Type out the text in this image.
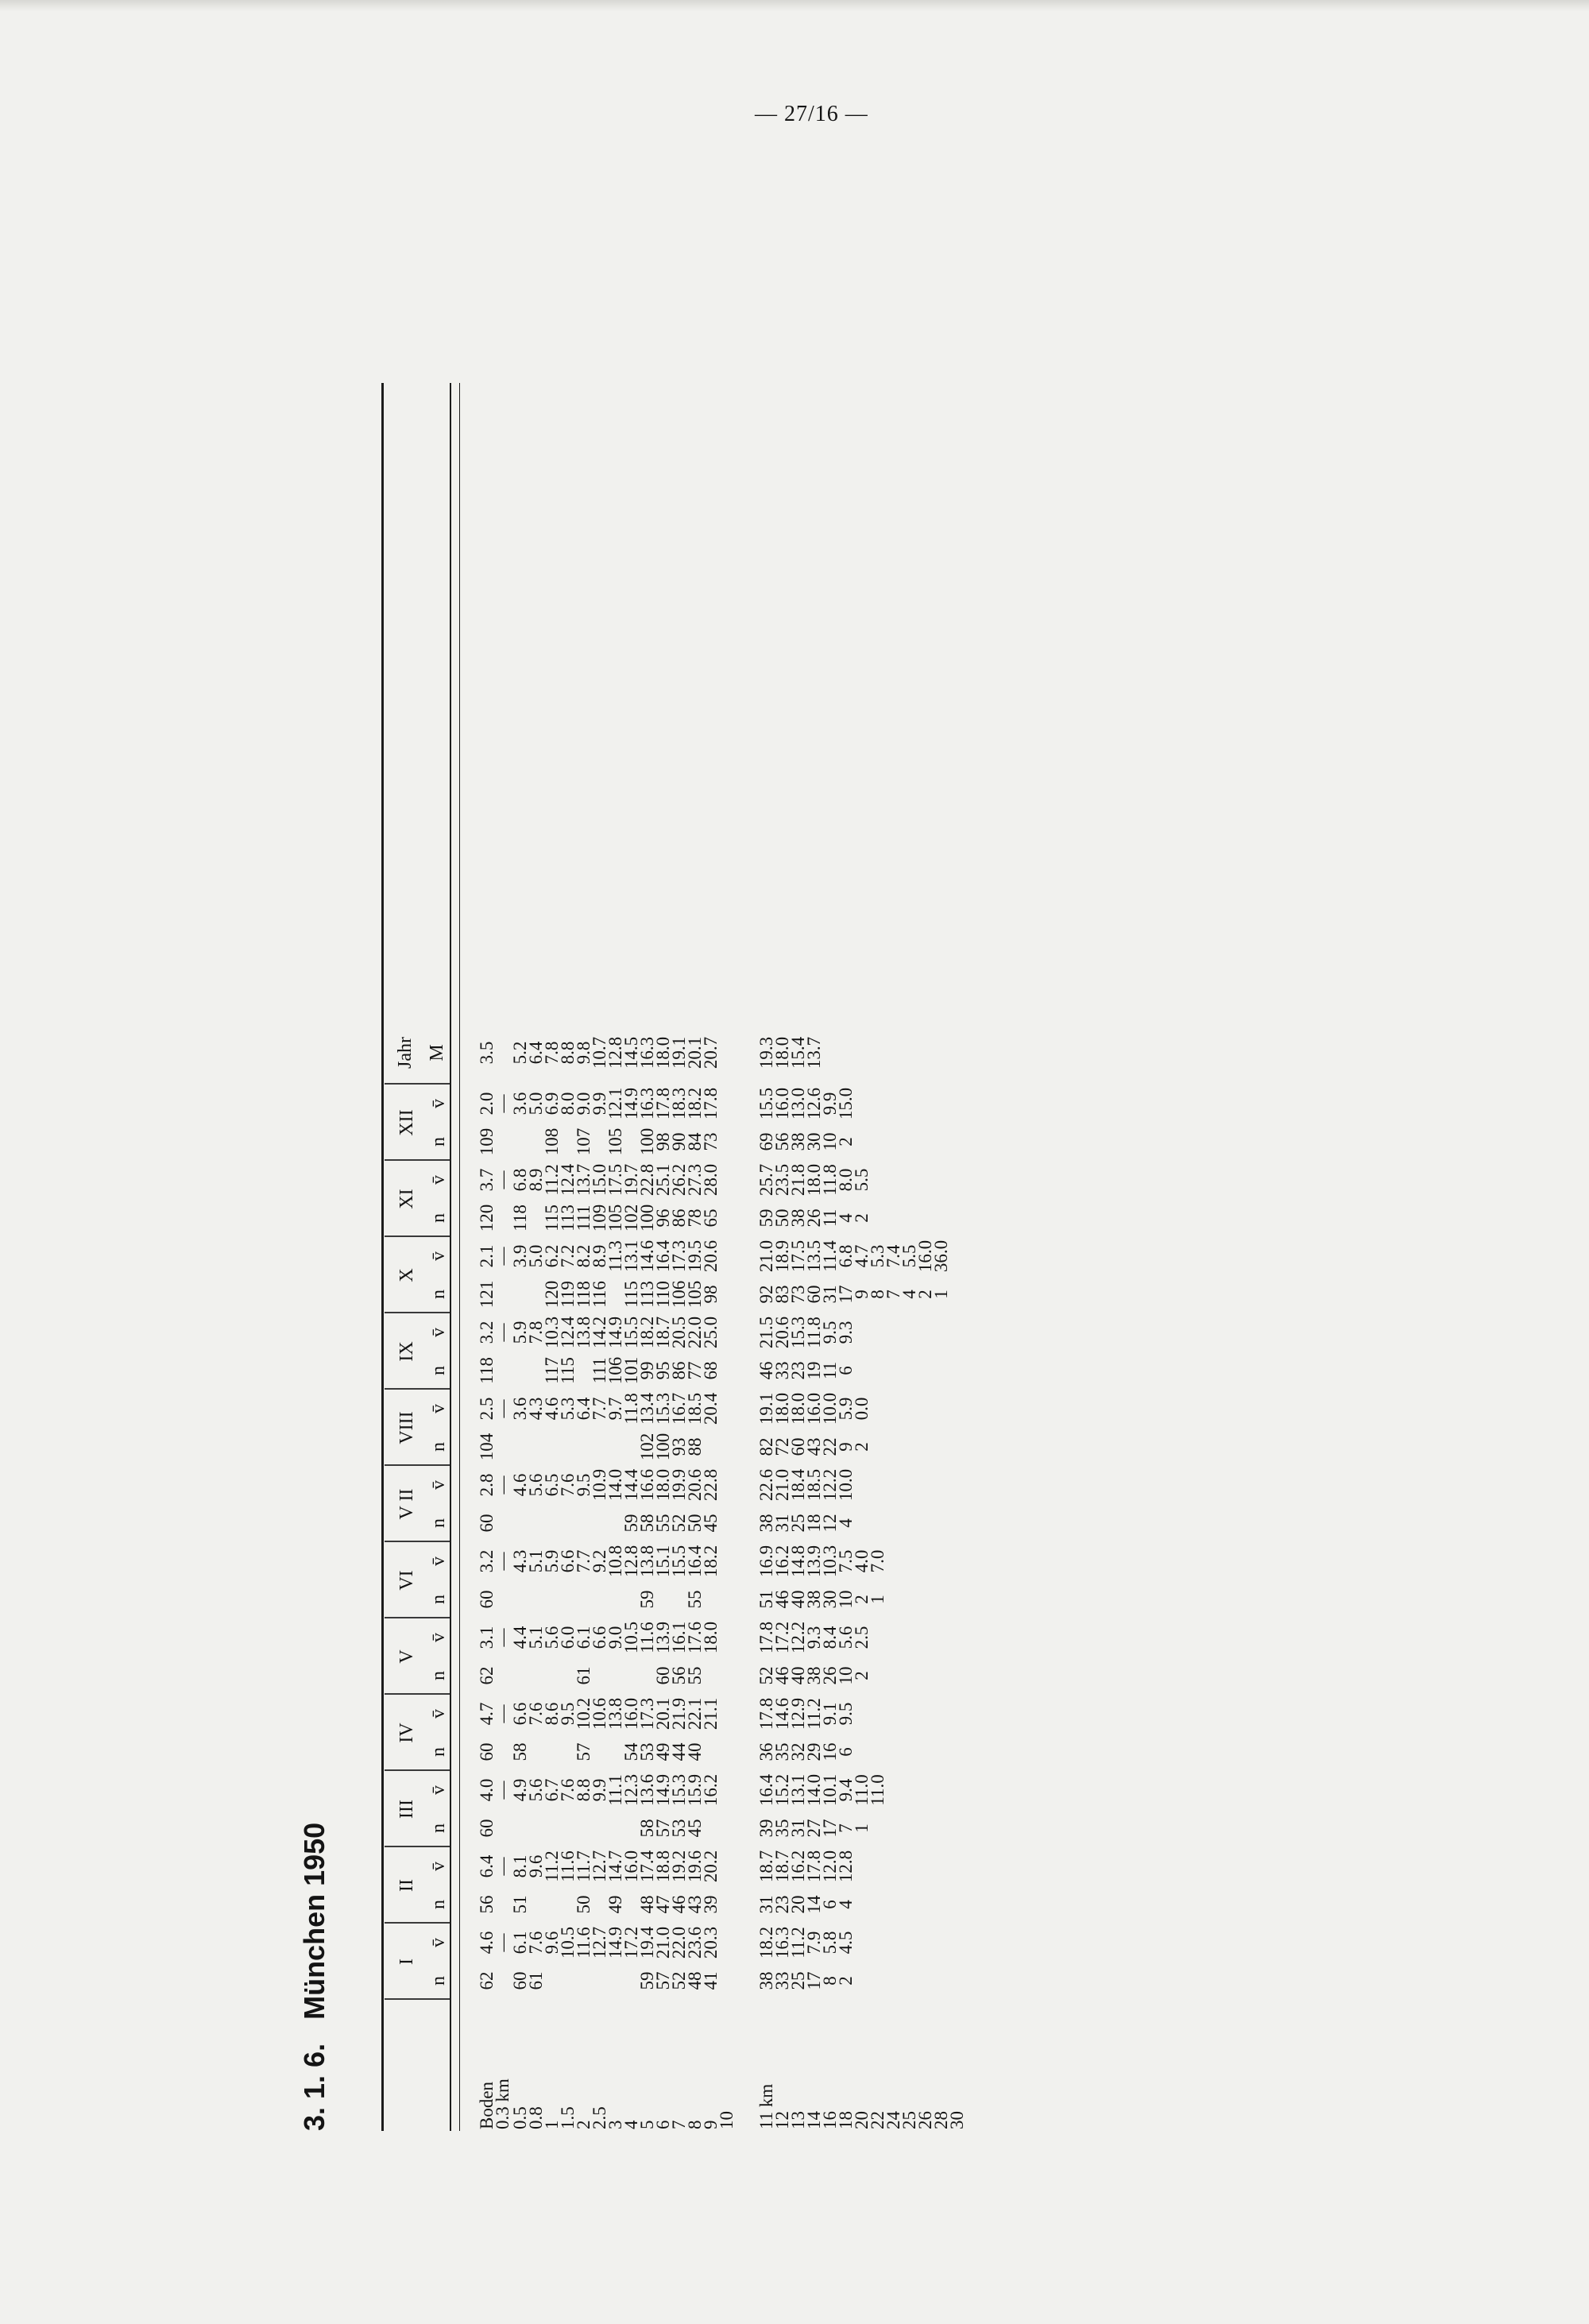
— 27/16 —
3. 1. 6.   München 1950	I
n
v̄
II
n
v̄
III
n
v̄
IV
n
v̄
V
n
v̄
VI
n
v̄
V II
n
v̄
VIII
n
v̄
IX
n
v̄
X
n
v̄
XI
n
v̄
XII
n
v̄
Jahr M
Boden
62
4.6
56
6.4
60
4.0
60
4.7
62
3.1
60
3.2
60
2.8
104
2.5
118
3.2
121
2.1
120
3.7
109
2.0
3.5
0.3 km
—
—
—
—
—
—
—
—
—
—
—
—
0.5
60
6.1
51
8.1
4.9
58
6.6
4.4
4.3
4.6
3.6
5.9
3.9
118
6.8
3.6
5.2
0.8
61
7.6
9.6
5.6
7.6
5.1
5.1
5.6
4.3
7.8
5.0
8.9
5.0
6.4
1
9.6
11.2
6.7
8.6
5.6
5.9
6.5
4.6
117
10.3
120
6.2
115
11.2
108
6.9
7.8
1.5
10.5
11.6
7.6
9.5
6.0
6.6
7.6
5.3
115
12.4
119
7.2
113
12.4
8.0
8.8
2
11.6
50
11.7
8.8
57
10.2
61
6.1
7.7
9.5
6.4
13.8
118
8.2
111
13.7
107
9.0
9.8
2.5
12.7
12.7
9.9
10.6
6.6
9.2
10.9
7.7
111
14.2
116
8.9
109
15.0
9.9
10.7
3
14.9
49
14.7
11.1
13.8
9.0
10.8
14.0
9.7
106
14.9
11.3
105
17.5
105
12.1
12.8
4
17.2
16.0
12.3
54
16.0
10.5
12.8
59
14.4
11.8
101
15.5
115
13.1
102
19.7
14.9
14.5
5
59
19.4
48
17.4
58
13.6
53
17.3
11.6
59
13.8
58
16.6
102
13.4
99
18.2
113
14.6
100
22.8
100
16.3
16.3
6
57
21.0
47
18.8
57
14.9
49
20.1
60
13.9
15.1
55
18.0
100
15.3
95
18.7
110
16.4
96
25.1
98
17.8
18.0
7
52
22.0
46
19.2
53
15.3
44
21.9
56
16.1
15.5
52
19.9
93
16.7
86
20.5
106
17.3
86
26.2
90
18.3
19.1
8
48
23.6
43
19.6
45
15.9
40
22.1
55
17.6
55
16.4
50
20.6
88
18.5
77
22.0
105
19.5
78
27.3
84
18.2
20.1
9
41
20.3
39
20.2
16.2
21.1
18.0
18.2
45
22.8
20.4
68
25.0
98
20.6
65
28.0
73
17.8
20.7
10 11 km
38
18.2
31
18.7
39
16.4
36
17.8
52
17.8
51
16.9
38
22.6
82
19.1
46
21.5
92
21.0
59
25.7
69
15.5
19.3
12
33
16.3
23
18.7
35
15.2
35
14.6
46
17.2
46
16.2
31
21.0
72
18.0
33
20.6
83
18.9
50
23.5
56
16.0
18.0
13
25
11.2
20
16.2
31
13.1
32
12.9
40
12.2
40
14.8
25
18.4
60
18.0
23
15.3
73
17.5
38
21.8
38
13.0
15.4
14
17
7.9
14
17.8
27
14.0
29
11.2
38
9.3
38
13.9
18
18.5
43
16.0
19
11.8
60
13.5
26
18.0
30
12.6
13.7
16
8
5.8
6
12.0
17
10.1
16
9.1
26
8.4
30
10.3
12
12.2
22
10.0
11
9.5
31
11.4
11
11.8
10
9.9
18
2
4.5
4
12.8
7
9.4
6
9.5
10
5.6
10
7.5
4
10.0
9
5.9
6
9.3
17
6.8
4
8.0
2
15.0
20
1
11.0
2
2.5
2
4.0
2
0.0
9
4.7
2
5.5
22
11.0
1
7.0
8
5.3
24
7
7.4
25
4
5.5
26
2
16.0
28
1
36.0
30
